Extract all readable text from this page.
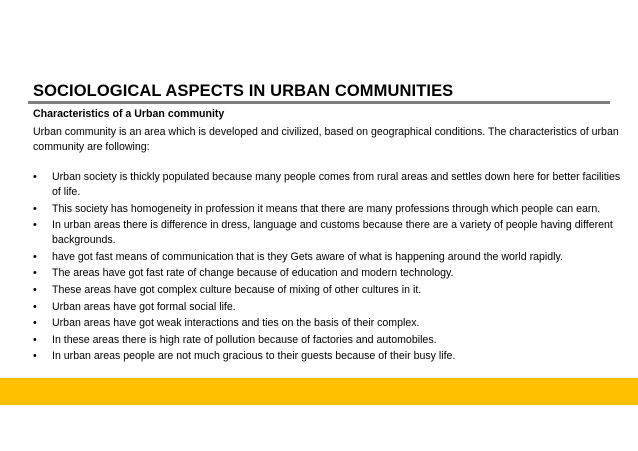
SOCIOLOGICAL ASPECTS IN URBAN COMMUNITIES
Characteristics of a Urban community
Urban community is an area which is developed and civilized, based on geographical conditions. The characteristics of urban community are following:
• Urban society is thickly populated because many people comes from rural areas and settles down here for better facilities of life.
• This society has homogeneity in profession it means that there are many professions through which people can earn.
• In urban areas there is difference in dress, language and customs because there are a variety of people having different backgrounds.
• have got fast means of communication that is they Gets aware of what is happening around the world rapidly.
• The areas have got fast rate of change because of education and modern technology.
• These areas have got complex culture because of mixing of other cultures in it.
• Urban areas have got formal social life.
• Urban areas have got weak interactions and ties on the basis of their complex.
• In these areas there is high rate of pollution because of factories and automobiles.
• In urban areas people are not much gracious to their guests because of their busy life.
